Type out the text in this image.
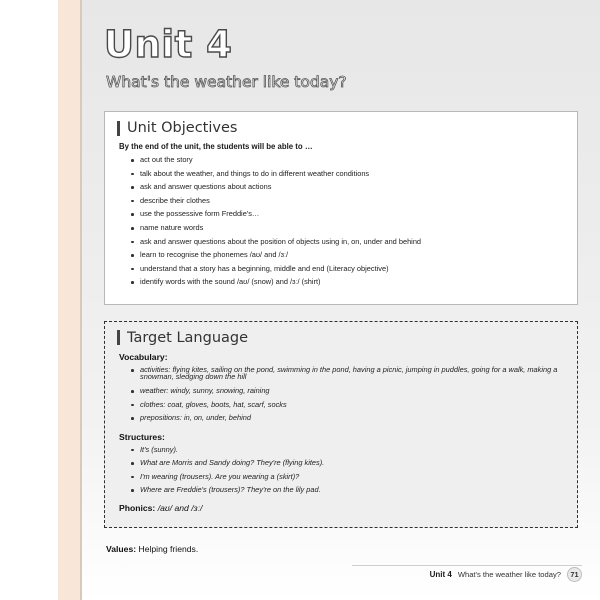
Unit 4
What's the weather like today?
Unit Objectives
By the end of the unit, the students will be able to …
act out the story
talk about the weather, and things to do in different weather conditions
ask and answer questions about actions
describe their clothes
use the possessive form Freddie's…
name nature words
ask and answer questions about the position of objects using in, on, under and behind
learn to recognise the phonemes /aʊ/ and /ɜː/
understand that a story has a beginning, middle and end (Literacy objective)
identify words with the sound /aʊ/ (snow) and /ɜː/ (shirt)
Target Language
Vocabulary:
activities: flying kites, sailing on the pond, swimming in the pond, having a picnic, jumping in puddles, going for a walk, making a snowman, sledging down the hill
weather: windy, sunny, snowing, raining
clothes: coat, gloves, boots, hat, scarf, socks
prepositions: in, on, under, behind
Structures:
It's (sunny).
What are Morris and Sandy doing? They're (flying kites).
I'm wearing (trousers). Are you wearing a (skirt)?
Where are Freddie's (trousers)? They're on the lily pad.
Phonics: /aʊ/ and /ɜː/
Values: Helping friends.
Unit 4 What's the weather like today?	71
